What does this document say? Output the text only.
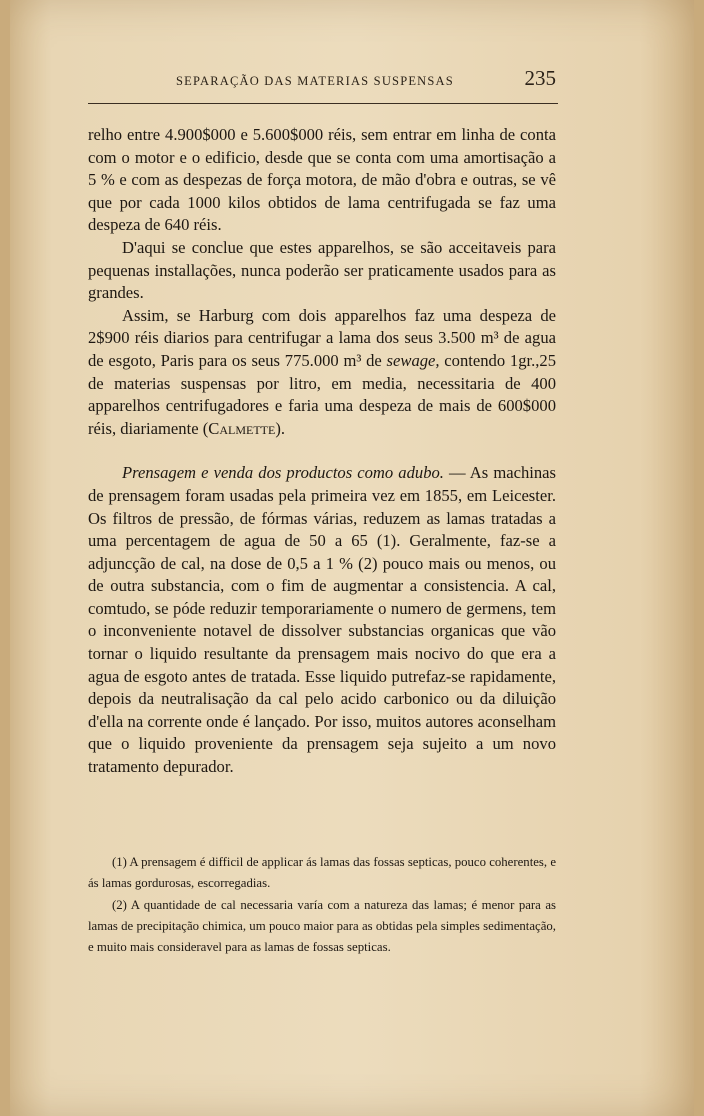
SEPARAÇÃO DAS MATERIAS SUSPENSAS	235

relho entre 4.900$000 e 5.600$000 réis, sem entrar em linha de conta com o motor e o edificio, desde que se conta com uma amortisação a 5 % e com as despezas de força motora, de mão d'obra e outras, se vê que por cada 1000 kilos obtidos de lama centrifugada se faz uma despeza de 640 réis.

D'aqui se conclue que estes apparelhos, se são acceitaveis para pequenas installações, nunca poderão ser praticamente usados para as grandes.

Assim, se Harburg com dois apparelhos faz uma despeza de 2$900 réis diarios para centrifugar a lama dos seus 3.500 m³ de agua de esgoto, Paris para os seus 775.000 m³ de sewage, contendo 1gr.,25 de materias suspensas por litro, em media, necessitaria de 400 apparelhos centrifugadores e faria uma despeza de mais de 600$000 réis, diariamente (Calmette).

Prensagem e venda dos productos como adubo. — As machinas de prensagem foram usadas pela primeira vez em 1855, em Leicester. Os filtros de pressão, de fórmas várias, reduzem as lamas tratadas a uma percentagem de agua de 50 a 65 (1). Geralmente, faz-se a adjuncção de cal, na dose de 0,5 a 1 % (2) pouco mais ou menos, ou de outra substancia, com o fim de augmentar a consistencia. A cal, comtudo, se póde reduzir temporariamente o numero de germens, tem o inconveniente notavel de dissolver substancias organicas que vão tornar o liquido resultante da prensagem mais nocivo do que era a agua de esgoto antes de tratada. Esse liquido putrefaz-se rapidamente, depois da neutralisação da cal pelo acido carbonico ou da diluição d'ella na corrente onde é lançado. Por isso, muitos autores aconselham que o liquido proveniente da prensagem seja sujeito a um novo tratamento depurador.

(1) A prensagem é difficil de applicar ás lamas das fossas septicas, pouco coherentes, e ás lamas gordurosas, escorregadias.

(2) A quantidade de cal necessaria varía com a natureza das lamas; é menor para as lamas de precipitação chimica, um pouco maior para as obtidas pela simples sedimentação, e muito mais consideravel para as lamas de fossas septicas.
